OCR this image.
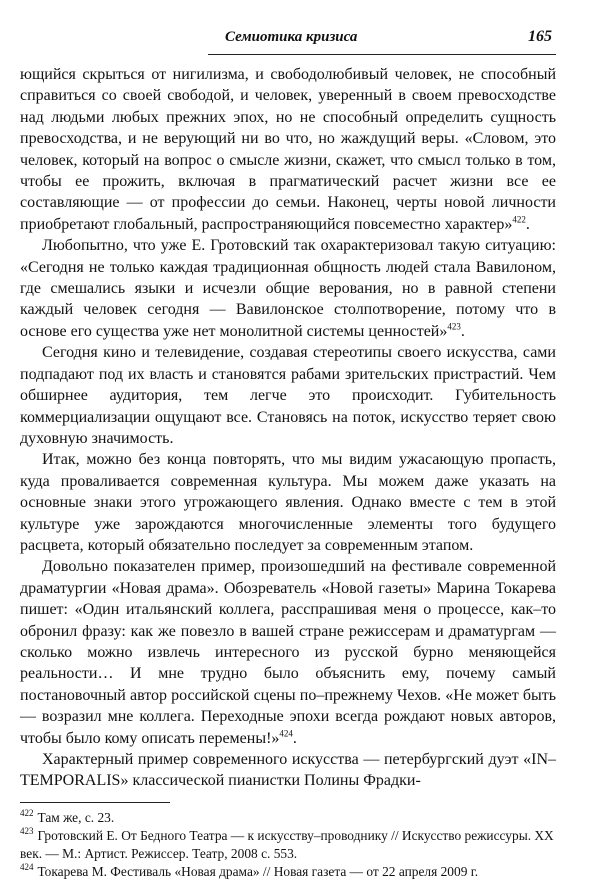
Семиотика кризиса	165

ющийся скрыться от нигилизма, и свободолюбивый человек, не способный справиться со своей свободой, и человек, уверенный в своем превосходстве над людьми любых прежних эпох, но не способный определить сущность превосходства, и не верующий ни во что, но жаждущий веры. «Словом, это человек, который на вопрос о смысле жизни, скажет, что смысл только в том, чтобы ее прожить, включая в прагматический расчет жизни все ее составляющие — от профессии до семьи. Наконец, черты новой личности приобретают глобальный, распространяющийся повсеместно характер»$^{422}$.

Любопытно, что уже Е. Гротовский так охарактеризовал такую ситуацию: «Сегодня не только каждая традиционная общность людей стала Вавилоном, где смешались языки и исчезли общие верования, но в равной степени каждый человек сегодня — Вавилонское столпотворение, потому что в основе его существа уже нет монолитной системы ценностей»$^{423}$.

Сегодня кино и телевидение, создавая стереотипы своего искусства, сами подпадают под их власть и становятся рабами зрительских пристрастий. Чем обширнее аудитория, тем легче это происходит. Губительность коммерциализации ощущают все. Становясь на поток, искусство теряет свою духовную значимость.

Итак, можно без конца повторять, что мы видим ужасающую пропасть, куда проваливается современная культура. Мы можем даже указать на основные знаки этого угрожающего явления. Однако вместе с тем в этой культуре уже зарождаются многочисленные элементы того будущего расцвета, который обязательно последует за современным этапом.

Довольно показателен пример, произошедший на фестивале современной драматургии «Новая драма». Обозреватель «Новой газеты» Марина Токарева пишет: «Один итальянский коллега, расспрашивая меня о процессе, как–то обронил фразу: как же повезло в вашей стране режиссерам и драматургам — сколько можно извлечь интересного из русской бурно меняющейся реальности… И мне трудно было объяснить ему, почему самый постановочный автор российской сцены по–прежнему Чехов. «Не может быть — возразил мне коллега. Переходные эпохи всегда рождают новых авторов, чтобы было кому описать перемены!»$^{424}$.

Характерный пример современного искусства — петербургский дуэт «IN–TEMPORALIS» классической пианистки Полины Фрадки-

$^{422}$ Там же, с. 23.

$^{423}$ Гротовский Е. От Бедного Театра — к искусству–проводнику // Искусство режиссуры. XX век. — М.: Артист. Режиссер. Театр, 2008 с. 553.

$^{424}$ Токарева М. Фестиваль «Новая драма» // Новая газета — от 22 апреля 2009 г.
